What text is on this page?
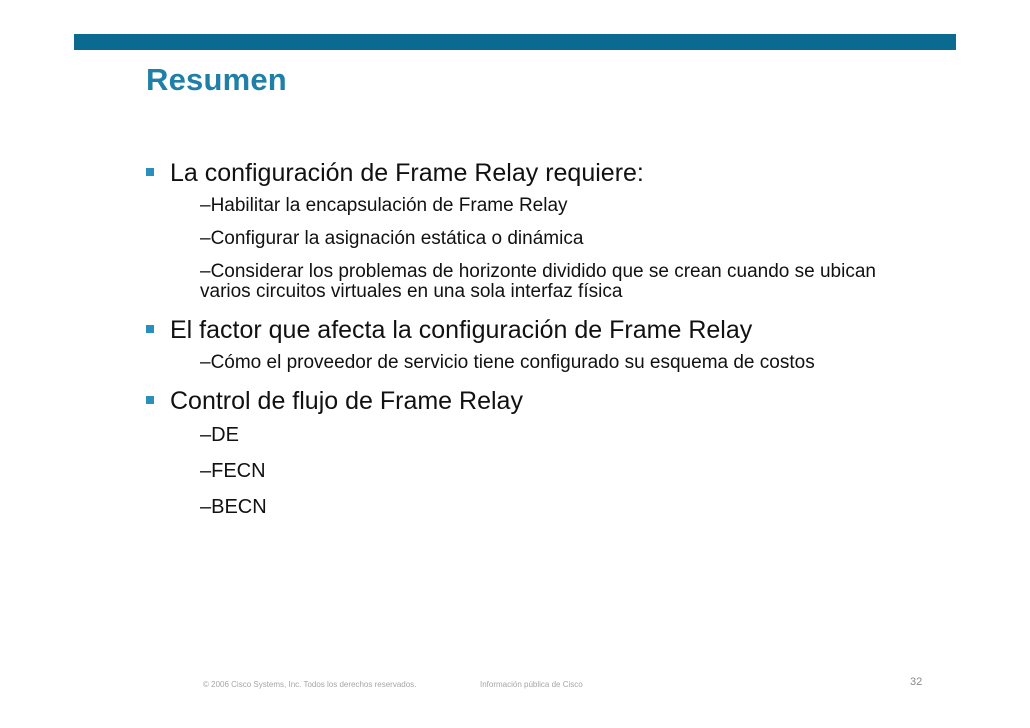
Resumen
La configuración de Frame Relay requiere:
–Habilitar la encapsulación de Frame Relay
–Configurar la asignación estática o dinámica
–Considerar los problemas de horizonte dividido que se crean cuando se ubican varios circuitos virtuales en una sola interfaz física
El factor que afecta la configuración de Frame Relay
–Cómo el proveedor de servicio tiene configurado su esquema de costos
Control de flujo de Frame Relay
–DE
–FECN
–BECN
© 2006 Cisco Systems, Inc. Todos los derechos reservados.	Información pública de Cisco	32
